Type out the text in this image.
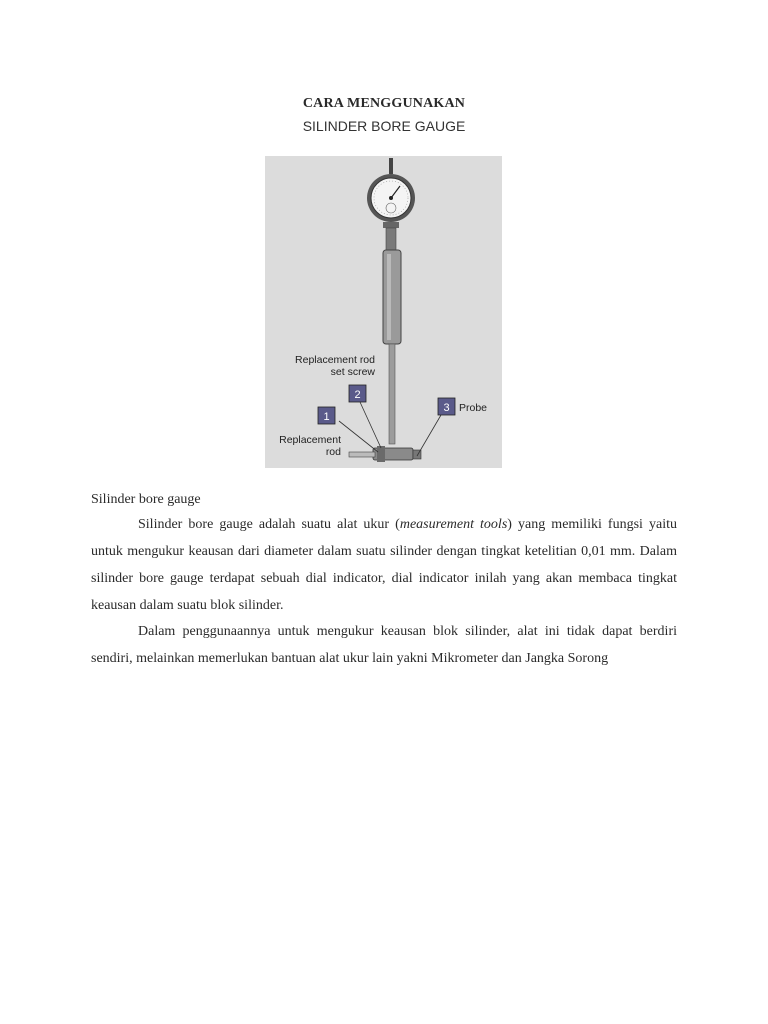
CARA MENGGUNAKAN
SILINDER BORE GAUGE
1
2
3
Replacement rod
set screw
Probe
Replacement
rod
Silinder bore gauge
Silinder bore gauge adalah suatu alat ukur (measurement tools) yang memiliki fungsi yaitu untuk mengukur keausan dari diameter dalam suatu silinder dengan tingkat ketelitian 0,01 mm. Dalam silinder bore gauge terdapat sebuah dial indicator, dial indicator inilah yang akan membaca tingkat keausan dalam suatu blok silinder.
Dalam penggunaannya untuk mengukur keausan blok silinder, alat ini tidak dapat berdiri sendiri, melainkan memerlukan bantuan alat ukur lain yakni Mikrometer dan Jangka Sorong
